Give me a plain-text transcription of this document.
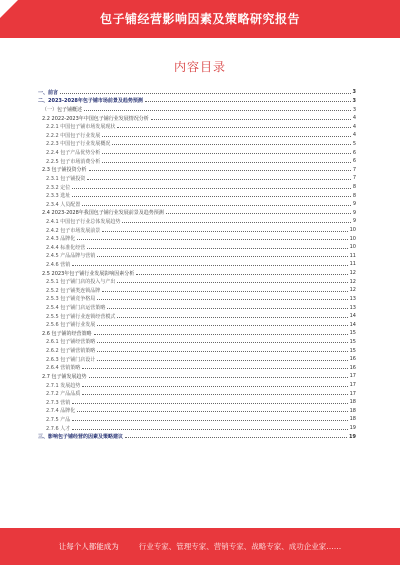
包子铺经营影响因素及策略研究报告
内容目录
一、前言	3
二、2023-2028年包子铺市场前景及趋势预测	3
（一）包子铺概述	3
2.2 2022-2023年中国包子铺行业发展情况分析	4
2.2.1 中国包子铺市场发展现状	4
2.2.2 中国包子行业发展	4
2.2.3 中国包子行业发展概况	5
2.2.4 包子产品优势分析	6
2.2.5 包子市场消费分析	6
2.3 包子铺投资分析	7
2.3.1 包子铺投资	7
2.3.2 定位	8
2.3.3 选址	8
2.3.4 人员配置	9
2.4 2023-2028年我国包子铺行业发展前景及趋势预测	9
2.4.1 中国包子行业总体发展趋势	9
2.4.2 包子市场发展前景	10
2.4.3 品牌化	10
2.4.4 标准化经营	10
2.4.5 产品品牌与营销	11
2.4.6 营销	11
2.5 2023年包子铺行业发展影响因素分析	12
2.5.1 包子铺门店的投入与产出	12
2.5.2 包子铺类连锁品牌	12
2.5.3 包子铺竞争格局	13
2.5.4 包子铺门店运营策略	13
2.5.5 包子铺行业连锁经营模式	14
2.5.6 包子铺行业发展	14
2.6 包子铺的经营策略	15
2.6.1 包子铺经营策略	15
2.6.2 包子铺营销策略	15
2.6.3 包子铺门店设计	16
2.6.4 营销策略	16
2.7 包子铺发展趋势	17
2.7.1 发展趋势	17
2.7.2 产品品质	17
2.7.3 营销	18
2.7.4 品牌化	18
2.7.5 产品	18
2.7.6 人才	19
三、影响包子铺经营的因素及策略建议	19
让每个人都能成为	行业专家、管理专家、营销专家、战略专家、成功企业家……
